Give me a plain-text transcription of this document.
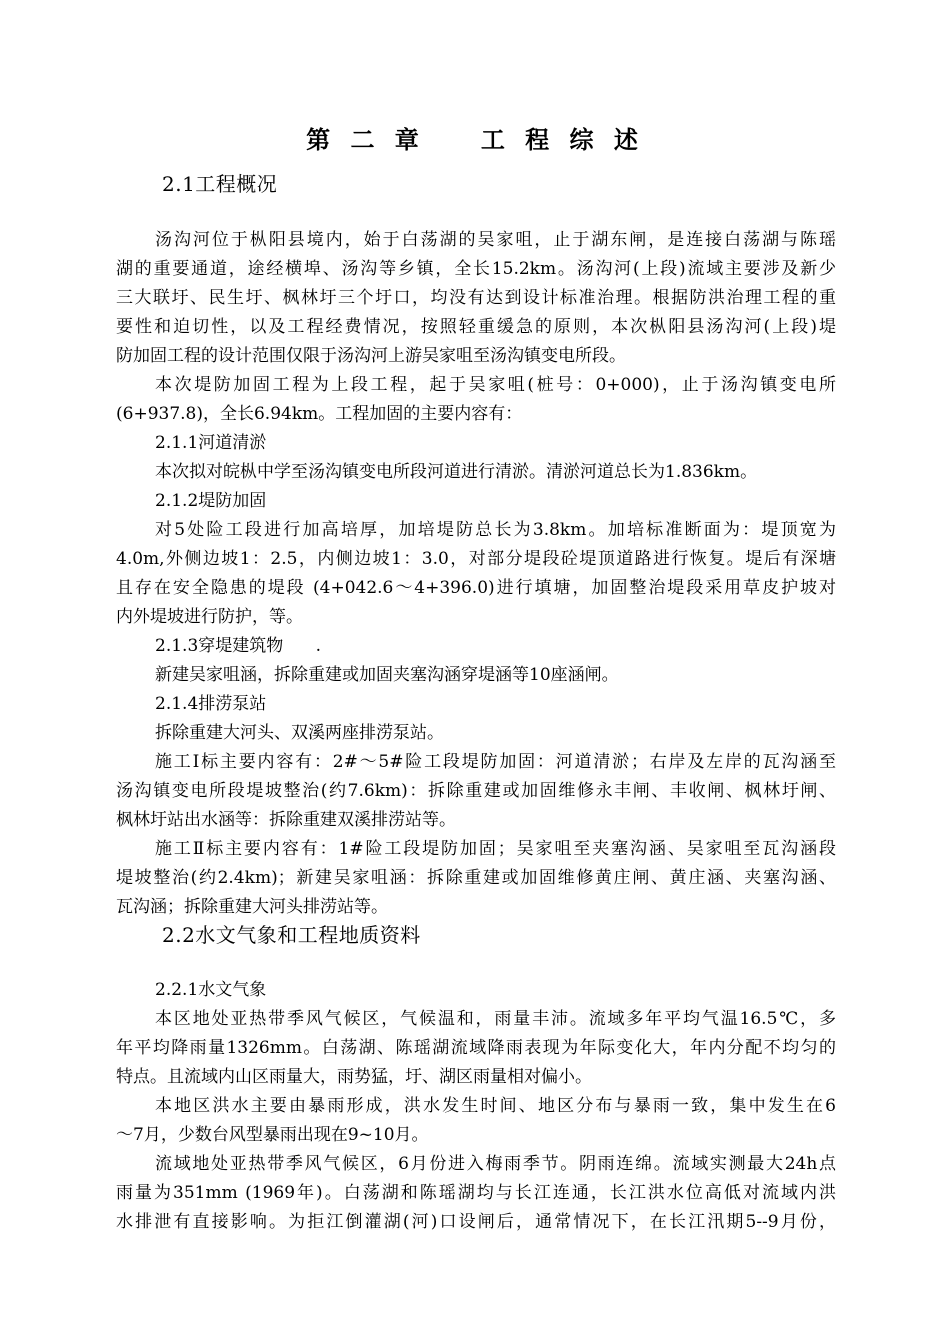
第 二 章 工 程 综 述
2.1工程概况
汤沟河位于枞阳县境内，始于白荡湖的吴家咀，止于湖东闸，是连接白荡湖与陈瑶
湖的重要通道，途经横埠、汤沟等乡镇，全长15.2km。汤沟河(上段)流域主要涉及新少
三大联圩、民生圩、枫林圩三个圩口，均没有达到设计标准治理。根据防洪治理工程的重
要性和迫切性，以及工程经费情况，按照轻重缓急的原则，本次枞阳县汤沟河(上段)堤
防加固工程的设计范围仅限于汤沟河上游吴家咀至汤沟镇变电所段。
本次堤防加固工程为上段工程，起于吴家咀(桩号：0+000)，止于汤沟镇变电所
(6+937.8)，全长6.94km。工程加固的主要内容有：
2.1.1河道清淤
本次拟对皖枞中学至汤沟镇变电所段河道进行清淤。清淤河道总长为1.836km。
2.1.2堤防加固
对5处险工段进行加高培厚，加培堤防总长为3.8km。加培标准断面为：堤顶宽为
4.0m,外侧边坡1：2.5，内侧边坡1：3.0，对部分堤段砼堤顶道路进行恢复。堤后有深塘
且存在安全隐患的堤段 (4+042.6～4+396.0)进行填塘，加固整治堤段采用草皮护坡对
内外堤坡进行防护，等。
2.1.3穿堤建筑物      .
新建吴家咀涵，拆除重建或加固夹塞沟涵穿堤涵等10座涵闸。
2.1.4排涝泵站
拆除重建大河头、双溪两座排涝泵站。
施工Ⅰ标主要内容有：2#～5#险工段堤防加固：河道清淤；右岸及左岸的瓦沟涵至
汤沟镇变电所段堤坡整治(约7.6km)：拆除重建或加固维修永丰闸、丰收闸、枫林圩闸、
枫林圩站出水涵等：拆除重建双溪排涝站等。
施工Ⅱ标主要内容有：1#险工段堤防加固；吴家咀至夹塞沟涵、吴家咀至瓦沟涵段
堤坡整治(约2.4km)；新建吴家咀涵：拆除重建或加固维修黄庄闸、黄庄涵、夹塞沟涵、
瓦沟涵；拆除重建大河头排涝站等。
2.2水文气象和工程地质资料
2.2.1水文气象
本区地处亚热带季风气候区，气候温和，雨量丰沛。流域多年平均气温16.5℃，多
年平均降雨量1326mm。白荡湖、陈瑶湖流域降雨表现为年际变化大，年内分配不均匀的
特点。且流域内山区雨量大，雨势猛，圩、湖区雨量相对偏小。
本地区洪水主要由暴雨形成，洪水发生时间、地区分布与暴雨一致，集中发生在6
～7月，少数台风型暴雨出现在9~10月。
流域地处亚热带季风气候区，6月份进入梅雨季节。阴雨连绵。流域实测最大24h点
雨量为351mm (1969年)。白荡湖和陈瑶湖均与长江连通，长江洪水位高低对流域内洪
水排泄有直接影响。为拒江倒灌湖(河)口设闸后，通常情况下，在长江汛期5--9月份，
